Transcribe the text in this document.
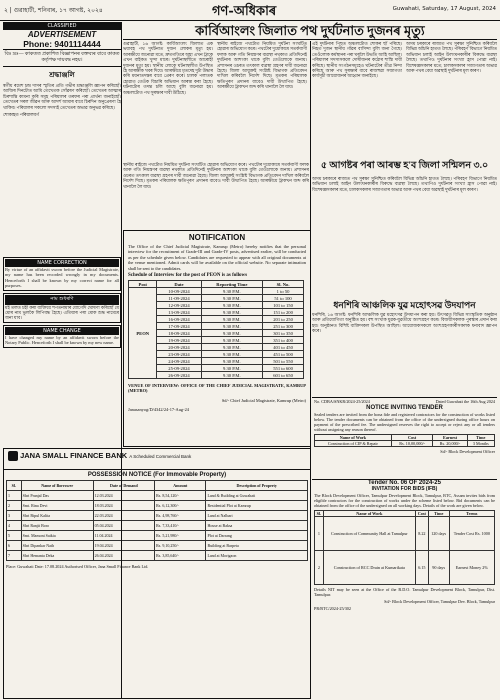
২ | গুৱাহাটী, শনিবাৰ, ১৭ আগষ্ট, ২০২৪	গণ-অধিকাৰ	Guwahati, Saturday, 17 August, 2024
CLASSIFIED
ADVERTISEMENT
Phone: 9401114444
বিঃ দ্ৰঃ— কাকতত প্ৰকাশিত বিজ্ঞাপনৰ বক্তব্যৰ বাবে কাকত কৰ্তৃপক্ষ দায়বদ্ধ নহয়।
শ্ৰদ্ধাঞ্জলি
স্বৰ্গীয় ৰমেশ চন্দ্ৰ দাসৰ স্মৃতিৰ প্ৰতি গভীৰ শ্ৰদ্ধাঞ্জলি জ্ঞাপন কৰিছোঁ। আজিৰ দিনটোত আমি তেখেতক সোঁৱৰণ কৰিছোঁ। তেখেতৰ আত্মাৰ চিৰশান্তি কামনা কৰি সমূহ পৰিয়ালৰ তৰফৰ পৰা প্ৰাৰ্থনা জনাইছোঁ। তেখেতৰ সৰল জীৱন আৰু আদৰ্শ আমাৰ বাবে চিৰদিন অনুপ্ৰেৰণা হৈ থাকিব। পৰিয়ালৰ সকলো সদস্যই তেখেতৰ অভাৱ অনুভৱ কৰিছে।
শোকাহত পৰিয়ালবৰ্গ
NAME CORRECTION
By virtue of an affidavit sworn before the Judicial Magistrate, my name has been recorded wrongly in my documents. Henceforth I shall be known by my correct name for all purposes.
নাম শুধৰণি
মই তলত চহী কৰা ব্যক্তিয়ে শপতনামাৰ যোগেদি ঘোষণা কৰিছোঁ যে মোৰ নাম ভুলকৈ লিপিবদ্ধ হৈছে। এতিয়াৰ পৰা মোক শুদ্ধ নামেৰে জনা যাব।
NAME CHANGE
I have changed my name by an affidavit sworn before the Notary Public. Henceforth I shall be known by my new name.
কাৰ্বিআংলং জিলাত পথ দুৰ্ঘটনাত দুজনৰ মৃত্যু
গুৱাহাটী, ১৬ আগষ্ট: কাৰ্বিআংলং জিলাত এক ভয়াবহ পথ দুৰ্ঘটনাত দুজন লোকৰ মৃত্যু হয়। আৰক্ষীয়ে জনোৱা মতে, দ্ৰুতগতিৰে অহা এখন ট্ৰাকে এখন বাইকত খুন্দা মাৰে। দুৰ্ঘটনাস্থলীতে আৰোহী দুজনৰ মৃত্যু হয়। স্থানীয় লোকে ঘটনাস্থলীত উপস্থিত হৈ আৰক্ষীক খবৰ দিয়ে। আৰক্ষীয়ে মৃতদেহ দুটা উদ্ধাৰ কৰি ময়নাতদন্তৰ বাবে প্ৰেৰণ কৰে। চালক পলাতক হোৱাত তেওঁক বিচাৰি অভিযান আৰম্ভ কৰা হৈছে। ঘটনাটোৰ তদন্ত চলি আছে বুলি জনোৱা হয়। অঞ্চলটোত পথ সুৰক্ষাৰ দাবী উঠিছে।
স্থানীয় ৰাইজে পথটোত নিয়মিত দুৰ্ঘটনা সংঘটিত হোৱাৰ অভিযোগ কৰে। পথটোৰ দুয়োকাষে সতৰ্কবাণী ফলক আৰু গতি নিয়ন্ত্ৰণৰ ব্যৱস্থা নথকাত প্ৰতিদিনেই দুৰ্ঘটনাৰ আশংকা থাকে বুলি তেওঁলোকে জনায়। প্ৰশাসনৰ ওচৰত তৎকাল ব্যৱস্থা গ্ৰহণৰ দাবী জনোৱা হৈছে। জিলা আয়ুক্তই সংশ্লিষ্ট বিভাগক প্ৰতিবেদন দাখিল কৰিবলৈ নিৰ্দেশ দিছে। মৃতকৰ পৰিয়ালক ক্ষতিপূৰণ প্ৰদানৰ বাবেও দাবী উত্থাপিত হৈছে। আৰক্ষীয়ে ট্ৰাকখন জব্দ কৰি থানালৈ লৈ যায়।
এই দুৰ্ঘটনাৰ পিছত অঞ্চলটোত শোকৰ ছাঁ পৰিছে। নিহত দুজন স্থানীয় গাঁৱৰ বাসিন্দা বুলি জনা গৈছে। তেওঁলোক কৰ্মস্থানৰ পৰা ঘৰলৈ উভতি আহি আছিল। পৰিয়ালৰ সদস্যসকলে দোষীজনৰ কঠোৰ শাস্তি দাবী কৰিছে। স্থানীয় সংগঠনসমূহেও ঘটনাটোৰ তীব্ৰ নিন্দা কৰিছে আৰু পথ সুৰক্ষাৰ বাবে ৰাজহুৱা সজাগতা কাৰ্যসূচী আয়োজনৰ আহ্বান জনাইছে।
অসম চৰকাৰে ৰাজ্যত পথ সুৰক্ষা সুনিশ্চিত কৰিবলৈ বিভিন্ন আঁচনি হাতত লৈছে। পৰিবহণ বিভাগে নিয়মিত অভিযান চলাই আইন উলংঘনকাৰীৰ বিৰুদ্ধে ব্যৱস্থা লৈছে। তথাপিও দুৰ্ঘটনাৰ সংখ্যা হ্ৰাস পোৱা নাই। বিশেষজ্ঞসকলৰ মতে, চালকসকলৰ সজাগতাৰ অভাৱ আৰু পথৰ বেয়া অৱস্থাই দুৰ্ঘটনাৰ মূল কাৰণ।
৫ আগষ্টৰ পৰা আৰম্ভ হ'ব জিলা সন্মিলন ৩.০
অসম চৰকাৰে ৰাজ্যত পথ সুৰক্ষা সুনিশ্চিত কৰিবলৈ বিভিন্ন আঁচনি হাতত লৈছে। পৰিবহণ বিভাগে নিয়মিত অভিযান চলাই আইন উলংঘনকাৰীৰ বিৰুদ্ধে ব্যৱস্থা লৈছে। তথাপিও দুৰ্ঘটনাৰ সংখ্যা হ্ৰাস পোৱা নাই। বিশেষজ্ঞসকলৰ মতে, চালকসকলৰ সজাগতাৰ অভাৱ আৰু পথৰ বেয়া অৱস্থাই দুৰ্ঘটনাৰ মূল কাৰণ।
স্থানীয় ৰাইজে পথটোত নিয়মিত দুৰ্ঘটনা সংঘটিত হোৱাৰ অভিযোগ কৰে। পথটোৰ দুয়োকাষে সতৰ্কবাণী ফলক আৰু গতি নিয়ন্ত্ৰণৰ ব্যৱস্থা নথকাত প্ৰতিদিনেই দুৰ্ঘটনাৰ আশংকা থাকে বুলি তেওঁলোকে জনায়। প্ৰশাসনৰ ওচৰত তৎকাল ব্যৱস্থা গ্ৰহণৰ দাবী জনোৱা হৈছে। জিলা আয়ুক্তই সংশ্লিষ্ট বিভাগক প্ৰতিবেদন দাখিল কৰিবলৈ নিৰ্দেশ দিছে। মৃতকৰ পৰিয়ালক ক্ষতিপূৰণ প্ৰদানৰ বাবেও দাবী উত্থাপিত হৈছে। আৰক্ষীয়ে ট্ৰাকখন জব্দ কৰি থানালৈ লৈ যায়।
NOTIFICATION
The Office of the Chief Judicial Magistrate, Kamrup (Metro) hereby notifies that the personal interview for the recruitment of Grade-III and Grade-IV posts, advertised earlier, will be conducted as per the schedule given below. Candidates are requested to appear with all original documents at the venue mentioned. Admit cards will be available on the official website. No separate intimation shall be sent to the candidates.
Schedule of Interview for the post of PEON is as follows
Post	Date	Reporting Time	Sl. No.
PEON	10-09-2024	9.30 P.M.	1 to 50
	11-09-2024	9.30 P.M.	51 to 100
	12-09-2024	9.30 P.M.	101 to 150
	13-09-2024	9.30 P.M.	151 to 200
	16-09-2024	9.30 P.M.	201 to 250
	17-09-2024	9.30 P.M.	251 to 300
	18-09-2024	9.30 P.M.	301 to 350
	19-09-2024	9.30 P.M.	351 to 400
	20-09-2024	9.30 P.M.	401 to 450
	23-09-2024	9.30 P.M.	451 to 500
	24-09-2024	9.30 P.M.	501 to 550
	25-09-2024	9.30 P.M.	551 to 600
	26-09-2024	9.30 P.M.	601 to 650
VENUE OF INTERVIEW: OFFICE OF THE CHIEF JUDICIAL MAGISTRATE, KAMRUP (METRO)
Sd/- Chief Judicial Magistrate, Kamrup (Metro)
Janasanyog/D/4342/24-17-Aug-24
ধনশিৰি আঞ্চলিক যুৱ মহোৎসৱ উদযাপন
ধনশিৰি, ১৬ আগষ্ট: ধনশিৰি আঞ্চলিক যুৱ মহোৎসৱ উদযাপন কৰা হয়। উৎসৱত বিভিন্ন সাংস্কৃতিক অনুষ্ঠান আৰু প্ৰতিযোগিতা অনুষ্ঠিত হয়। বহু সংখ্যক যুৱক-যুৱতীয়ে অংশগ্ৰহণ কৰে। বিজয়ীসকলক পুৰস্কাৰ প্ৰদান কৰা হয়। অনুষ্ঠানত বিশিষ্ট ব্যক্তিসকল উপস্থিত আছিল। আয়োজকসকলে অংশগ্ৰহণকাৰীসকলক ধন্যবাদ জ্ঞাপন কৰে।
No. CDBA/SNKR/2024-25/2024	Dated Guwahati the 16th Aug 2024
NOTICE INVITING TENDER
Sealed tenders are invited from the bona fide and registered contractors for the construction of works listed below. The tender documents can be obtained from the office of the undersigned during office hours on payment of the prescribed fee. The undersigned reserves the right to accept or reject any or all tenders without assigning any reason thereof.
Name of Work	Cost	Earnest	Time
Construction of CIP & Repair	Rs. 10,00,000/-	Rs. 20,000/-	3 Months
Sd/- Block Development Officer
Tender No. 06 OF 2024-25
INVITATION FOR BIDS (IFB)
The Block Development Officer, Tamulpur Development Block, Tamulpur, BTC, Assam invites bids from eligible contractors for the construction of works under the scheme listed below. Bid documents can be obtained from the office of the undersigned on all working days. Details of the work are given below.
Sl.	Name of Work	Cost	Time	Terms
1	Construction of Community Hall at Tamulpur	8.22	120 days	Tender Cost Rs. 1000
2	Construction of RCC Drain at Kumarikata	6.15	90 days	Earnest Money 2%
Details NIT may be seen at the Office of the B.D.O. Tamulpur Development Block, Tamulpur, Dist. Tamulpur.
Sd/- Block Development Officer, Tamulpur Dev. Block, Tamulpur
PR/BTC/2024-25/302
JANA SMALL FINANCE BANK A Scheduled Commercial Bank
POSSESSION NOTICE (For Immovable Property)
Sl.	Name of Borrower	Date of Demand	Amount	Description of Property
1	Shri Pranjal Das	12.03.2024	Rs. 8,54,120/-	Land & Building at Guwahati
2	Smt. Rina Devi	18.03.2024	Rs. 6,12,300/-	Residential Plot at Kamrup
3	Shri Bipul Kalita	22.03.2024	Rs. 4,98,760/-	Land at Nalbari
4	Shri Ranjit Boro	05.04.2024	Rs. 7,33,410/-	House at Baksa
5	Smt. Mamoni Saikia	11.04.2024	Rs. 5,21,980/-	Plot at Darrang
6	Shri Dipankar Nath	19.04.2024	Rs. 9,10,250/-	Building at Barpeta
7	Shri Hemanta Deka	26.04.2024	Rs. 3,85,640/-	Land at Morigaon
Place: Guwahati Date: 17.08.2024 Authorised Officer, Jana Small Finance Bank Ltd.
